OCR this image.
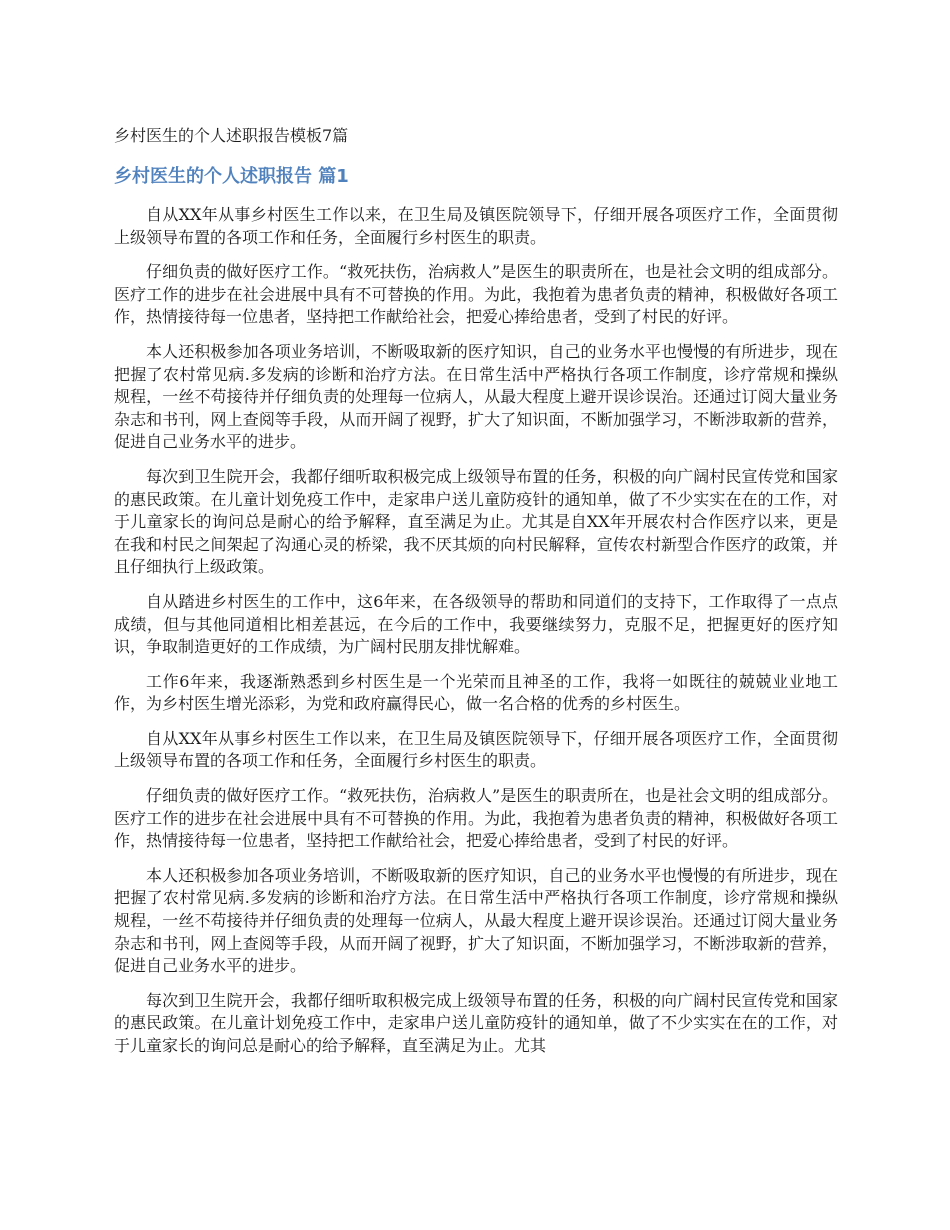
乡村医生的个人述职报告模板7篇
乡村医生的个人述职报告 篇1

自从XX年从事乡村医生工作以来，在卫生局及镇医院领导下，仔细开展各项医疗工作，全面贯彻上级领导布置的各项工作和任务，全面履行乡村医生的职责。

仔细负责的做好医疗工作。“救死扶伤，治病救人”是医生的职责所在，也是社会文明的组成部分。医疗工作的进步在社会进展中具有不可替换的作用。为此，我抱着为患者负责的精神，积极做好各项工作，热情接待每一位患者，坚持把工作献给社会，把爱心捧给患者，受到了村民的好评。

本人还积极参加各项业务培训，不断吸取新的医疗知识，自己的业务水平也慢慢的有所进步，现在把握了农村常见病.多发病的诊断和治疗方法。在日常生活中严格执行各项工作制度，诊疗常规和操纵规程，一丝不苟接待并仔细负责的处理每一位病人，从最大程度上避开误诊误治。还通过订阅大量业务杂志和书刊，网上查阅等手段，从而开阔了视野，扩大了知识面，不断加强学习，不断涉取新的营养，促进自己业务水平的进步。

每次到卫生院开会，我都仔细听取积极完成上级领导布置的任务，积极的向广阔村民宣传党和国家的惠民政策。在儿童计划免疫工作中，走家串户送儿童防疫针的通知单，做了不少实实在在的工作，对于儿童家长的询问总是耐心的给予解释，直至满足为止。尤其是自XX年开展农村合作医疗以来，更是在我和村民之间架起了沟通心灵的桥梁，我不厌其烦的向村民解释，宣传农村新型合作医疗的政策，并且仔细执行上级政策。

自从踏进乡村医生的工作中，这6年来，在各级领导的帮助和同道们的支持下，工作取得了一点点成绩，但与其他同道相比相差甚远，在今后的工作中，我要继续努力，克服不足，把握更好的医疗知识，争取制造更好的工作成绩，为广阔村民朋友排忧解难。

工作6年来，我逐渐熟悉到乡村医生是一个光荣而且神圣的工作，我将一如既往的兢兢业业地工作，为乡村医生增光添彩，为党和政府赢得民心，做一名合格的优秀的乡村医生。

自从XX年从事乡村医生工作以来，在卫生局及镇医院领导下，仔细开展各项医疗工作，全面贯彻上级领导布置的各项工作和任务，全面履行乡村医生的职责。

仔细负责的做好医疗工作。“救死扶伤，治病救人”是医生的职责所在，也是社会文明的组成部分。医疗工作的进步在社会进展中具有不可替换的作用。为此，我抱着为患者负责的精神，积极做好各项工作，热情接待每一位患者，坚持把工作献给社会，把爱心捧给患者，受到了村民的好评。

本人还积极参加各项业务培训，不断吸取新的医疗知识，自己的业务水平也慢慢的有所进步，现在把握了农村常见病.多发病的诊断和治疗方法。在日常生活中严格执行各项工作制度，诊疗常规和操纵规程，一丝不苟接待并仔细负责的处理每一位病人，从最大程度上避开误诊误治。还通过订阅大量业务杂志和书刊，网上查阅等手段，从而开阔了视野，扩大了知识面，不断加强学习，不断涉取新的营养，促进自己业务水平的进步。

每次到卫生院开会，我都仔细听取积极完成上级领导布置的任务，积极的向广阔村民宣传党和国家的惠民政策。在儿童计划免疫工作中，走家串户送儿童防疫针的通知单，做了不少实实在在的工作，对于儿童家长的询问总是耐心的给予解释，直至满足为止。尤其
